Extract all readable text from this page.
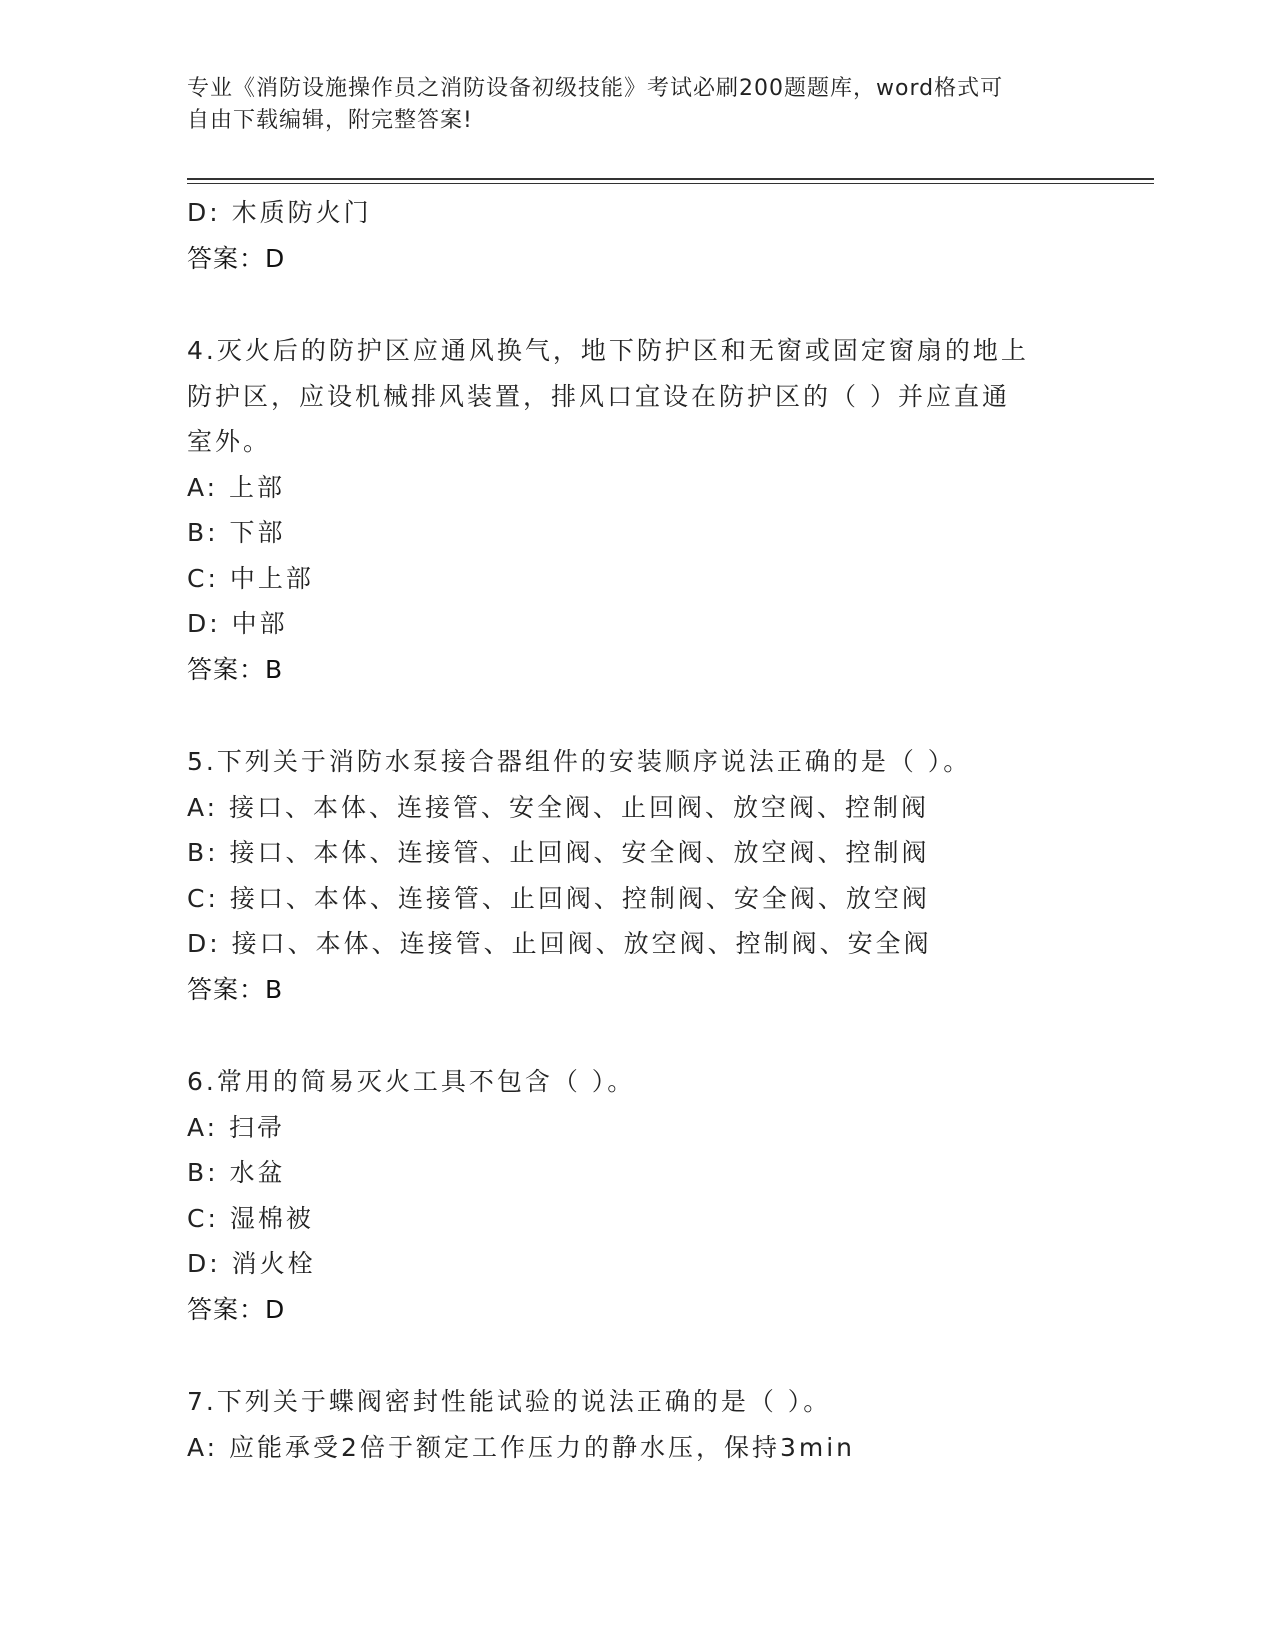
专业《消防设施操作员之消防设备初级技能》考试必刷200题题库，word格式可
自由下载编辑，附完整答案!
D: 木质防火门
答案：D
4.灭火后的防护区应通风换气，地下防护区和无窗或固定窗扇的地上
防护区，应设机械排风装置，排风口宜设在防护区的（ ）并应直通
室外。
A: 上部
B: 下部
C: 中上部
D: 中部
答案：B
5.下列关于消防水泵接合器组件的安装顺序说法正确的是（ ）。
A: 接口、本体、连接管、安全阀、止回阀、放空阀、控制阀
B: 接口、本体、连接管、止回阀、安全阀、放空阀、控制阀
C: 接口、本体、连接管、止回阀、控制阀、安全阀、放空阀
D: 接口、本体、连接管、止回阀、放空阀、控制阀、安全阀
答案：B
6.常用的简易灭火工具不包含（ ）。
A: 扫帚
B: 水盆
C: 湿棉被
D: 消火栓
答案：D
7.下列关于蝶阀密封性能试验的说法正确的是（ ）。
A: 应能承受2倍于额定工作压力的静水压，保持3min
